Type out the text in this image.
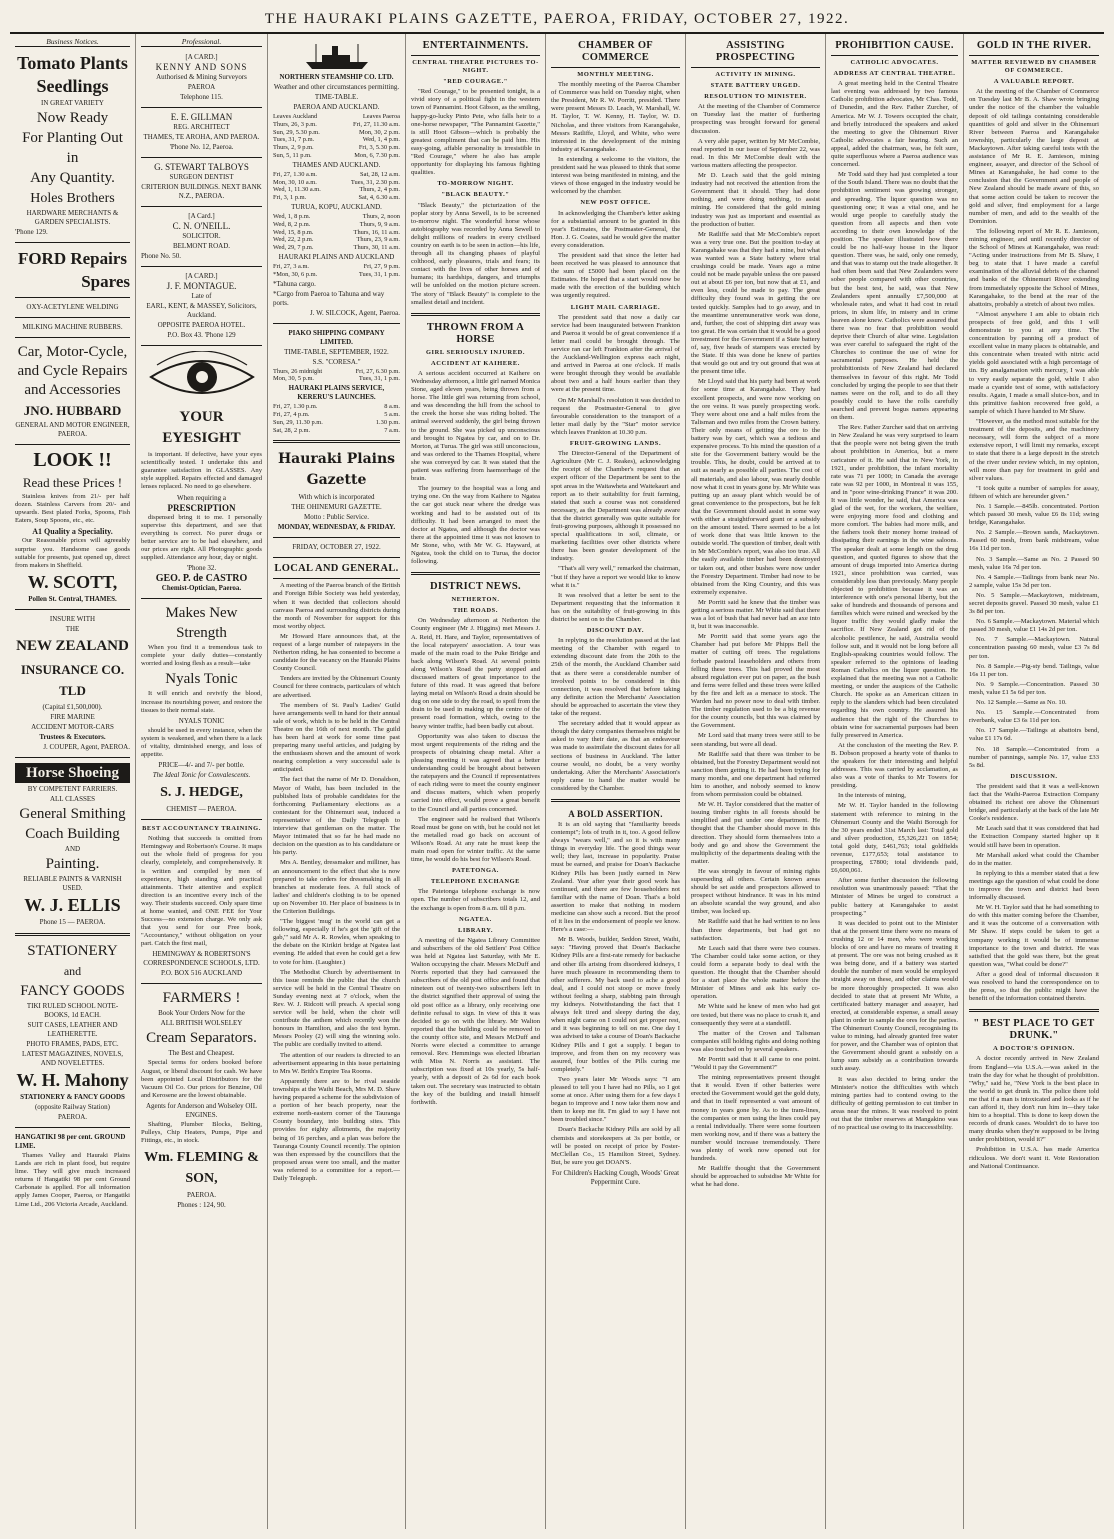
THE HAURAKI PLAINS GAZETTE, PAEROA, FRIDAY, OCTOBER 27, 1922.
Business Notices.
Tomato Plants
Seedlings
IN GREAT VARIETY
Now Ready
For Planting Out
in
Any Quantity.
Holes Brothers
HARDWARE MERCHANTS & GARDEN SPECIALISTS.
'Phone 129.
FORD Repairs
Spares
OXY-ACETYLENE WELDING
MILKING MACHINE RUBBERS.
Car, Motor-Cycle, and Cycle Repairs and Accessories
JNO. HUBBARD
GENERAL AND MOTOR ENGINEER, PAEROA.
LOOK !!
Read these Prices !
Stainless knives from 21/- per half dozen. Stainless Carvers from 20/- and upwards. Best plated Forks, Spoons, Fish Eaters, Soup Spoons, etc., etc.
A1 Quality a Speciality.
Our Reasonable prices will agreeably surprise you. Handsome case goods suitable for presents, just opened up, direct from makers in Sheffield.
W. SCOTT,
Pollen St. Central, THAMES.
INSURE WITH
THE
NEW ZEALAND
INSURANCE CO. TLD
(Capital £1,500,000).
FIRE MARINE
ACCIDENT MOTOR-CARS
Trustees & Executors.
J. COUPER, Agent, PAEROA.
Horse Shoeing
BY COMPETENT FARRIERS.
ALL CLASSES
General Smithing
Coach Building
AND
Painting.
RELIABLE PAINTS & VARNISH USED.
W. J. ELLIS
Phone 15 — PAEROA.
STATIONERY
and
FANCY GOODS
TIKI RULED SCHOOL NOTE-BOOKS, 1d EACH.
SUIT CASES, LEATHER AND LEATHERETTE.
PHOTO FRAMES, PADS, ETC.
LATEST MAGAZINES, NOVELS, AND NOVELETTES.
W. H. Mahony
STATIONERY & FANCY GOODS
(opposite Railway Station)
PAEROA.
HANGATIKI 98 per cent. GROUND LIME.
Thames Valley and Hauraki Plains Lands are rich in plant food, but require lime. They will give much increased returns if Hangatiki 98 per cent Ground Carbonate is applied. For all information apply James Cooper, Paeroa, or Hangatiki Lime Ltd., 206 Victoria Arcade, Auckland.
Professional.
[A CARD.]
KENNY AND SONS
Authorised & Mining Surveyors
PAEROA
Telephone 115.
E. E. GILLMAN
REG. ARCHITECT
THAMES, TE AROHA, AND PAEROA.
'Phone No. 12, Paeroa.
G. STEWART TALBOYS
SURGEON DENTIST
CRITERION BUILDINGS. NEXT BANK N.Z., PAEROA.
[A Card.]
C. N. O'NEILL.
SOLICITOR.
BELMONT ROAD.
Phone No. 50.
[A CARD.]
J. F. MONTAGUE.
Late of
EARL, KENT, & MASSEY, Solicitors, Auckland.
OPPOSITE PAEROA HOTEL.
P.O. Box 43. 'Phone 129
YOUR EYESIGHT
is important. If defective, have your eyes scientifically tested. I undertake this and guarantee satisfaction in GLASSES. Any style supplied. Repairs effected and damaged lenses replaced. No need to go elsewhere.
When requiring a
PRESCRIPTION
dispensed bring it to me. I personally supervise this department, and see that everything is correct. No purer drugs or better service are to be had elsewhere, and our prices are right. All Photographic goods supplied. Attendance any hour, day or night.
'Phone 32.
GEO. P. de CASTRO
Chemist-Optician, Paeroa.
Makes New
Strength
When you find it a tremendous task to complete your daily duties—constantly worried and losing flesh as a result—take
Nyals Tonic
It will enrich and revivify the blood, increase its nourishing power, and restore the tissues to their normal state.
NYALS TONIC
should be used in every instance, when the system is weakened, and when there is a lack of vitality, diminished energy, and loss of appetite.
PRICE—4/- and 7/- per bottle.
The Ideal Tonic for Convalescents.
S. J. HEDGE,
CHEMIST — PAEROA.
BEST ACCOUNTANCY TRAINING.
Nothing that succeeds is omitted from Hemingway and Robertson's Course. It maps out the whole field of progress for you clearly, completely, and comprehensively. It is written and compiled by men of experience, high standing and practical attainments. Their attentive and explicit direction is an incentive every inch of the way. Their students succeed. Only spare time at home wanted, and ONE FEE for Your Success—no extension charge. We only ask that you send for our Free book, "Accountancy," without obligation on your part. Catch the first mail,
HEMINGWAY & ROBERTSON'S CORRESPONDENCE SCHOOLS, LTD.
P.O. BOX 516 AUCKLAND
FARMERS !
Book Your Orders Now for the
ALL BRITISH WOLSELEY
Cream Separators.
The Best and Cheapest.
Special terms for orders booked before August, or liberal discount for cash. We have been appointed Local Distributors for the Vacuum Oil Co. Our prices for Benzine, Oil and Kerosene are the lowest obtainable.
Agents for Anderson and Wolseley OIL ENGINES.
Shafting, Plumber Blocks, Belting, Pulleys, Chip Heaters, Pumps, Pipe and Fittings, etc., in stock.
Wm. FLEMING & SON,
PAEROA.
Phones : 124, 90.
NORTHERN STEAMSHIP CO. LTD.
Weather and other circumstances permitting.
TIME-TABLE.
PAEROA AND AUCKLAND.
Leaves Auckland	Leaves Paeroa
Thurs, 26, 3 p.m.	Fri, 27, 11.30 a.m.
Sun, 29, 5.30 p.m.	Mon, 30, 2 p.m.
Tues, 31, 7 p.m.	Wed, 1, 4 p.m.
Thurs, 2, 9 p.m.	Fri, 3, 5.30 p.m.
Sun, 5, 11 p.m.	Mon, 6, 7.30 p.m.
THAMES AND AUCKLAND.
Fri, 27, 1.30 a.m.	Sat, 28, 12 a.m.
Mon, 30, 10 a.m.	Tues, 31, 2.30 p.m.
Wed, 1, 11.30 a.m.	Thurs, 2, 4 p.m.
Fri, 3, 1 p.m.	Sat, 4, 6.30 a.m.
TURUA, KOPU, AUCKLAND.
Wed, 1, 8 p.m.	Thurs, 2, noon
Wed, 8, 2 p.m.	Thurs, 9, 9 a.m.
Wed, 15, 8 p.m.	Thurs, 16, 11 a.m.
Wed, 22, 2 p.m.	Thurs, 23, 9 a.m.
Wed, 29, 7 p.m.	Thurs, 30, 11 a.m.
HAURAKI PLAINS AND AUCKLAND
Fri, 27, 3 a.m.	Fri, 27, 9 p.m.
*Mon, 30, 6 p.m.	Tues, 31, 1 p.m.
*Tahuna cargo.
*Cargo from Paeroa to Tahuna and way ports.
J. W. SILCOCK, Agent, Paeroa.
PIAKO SHIPPING COMPANY LIMITED.
TIME-TABLE, SEPTEMBER, 1922.
S.S. "CORESA."
Thurs, 26 midnight	Fri, 27, 6.30 p.m.
Mon, 30, 5 p.m.	Tues, 31, 1 p.m.
HAURAKI PLAINS SERVICE, KERERU'S LAUNCHES.
Fri, 27, 1.30 p.m.	8 a.m.
Fri, 27, 4 p.m.	5 a.m.
Sun, 29, 11.30 p.m.	1.30 p.m.
Sat, 28, 2 p.m.	7 a.m.
Hauraki Plains Gazette
With which is incorporated
THE OHINEMURI GAZETTE.
Motto : Public Service.
MONDAY, WEDNESDAY, & FRIDAY.
FRIDAY, OCTOBER 27, 1922.
LOCAL AND GENERAL.
A meeting of the Paeroa branch of the British and Foreign Bible Society was held yesterday, when it was decided that collectors should canvass Paeroa and surrounding districts during the month of November for support for this most worthy object.
Mr Howard Hare announces that, at the request of a large number of ratepayers in the Netherton riding, he has consented to become a candidate for the vacancy on the Hauraki Plains County Council.
Tenders are invited by the Ohinemuri County Council for three contracts, particulars of which are advertised.
The members of St. Paul's Ladies' Guild have arrangements well in hand for their annual sale of work, which is to be held in the Central Theatre on the 16th of next month. The guild has been hard at work for some time past preparing many useful articles, and judging by the enthusiasm shown and the amount of work nearing completion a very successful sale is anticipated.
The fact that the name of Mr D. Donaldson, Mayor of Waihi, has been included in the published lists of probable candidates for the forthcoming Parliamentary elections as a contestant for the Ohinemuri seat, induced a representative of the Daily Telegraph to interview that gentleman on the matter. The Mayor intimated that so far he had made no decision on the question as to his candidature or his party.
Mrs A. Bentley, dressmaker and milliner, has an announcement to the effect that she is now prepared to take orders for dressmaking in all branches at moderate fees. A full stock of ladies' and children's clothing is to be opened up on November 10. Her place of business is in the Criterion Buildings.
"The biggest 'mug' in the world can get a following, especially if he's got the 'gift of the gab,'" said Mr A. R. Rowles, when speaking to the debate on the Kirikiri bridge at Ngatea last evening. He added that even he could get a few to vote for him. (Laughter.)
The Methodist Church by advertisement in this issue reminds the public that the church service will be held in the Central Theatre on Sunday evening next at 7 o'clock, when the Rev. W. J. Ridcott will preach. A special song service will be held, when the choir will contribute the anthem which recently won the honours in Hamilton, and also the test hymn. Messrs Pooley (2) will sing the winning solo. The public are cordially invited to attend.
The attention of our readers is directed to an advertisement appearing in this issue pertaining to Mrs W. Brith's Empire Tea Rooms.
Apparently there are to be rival seaside townships at the Waihi Beach, Mrs M. D. Shaw having prepared a scheme for the subdivision of a portion of her beach property, near the extreme north-eastern corner of the Tauranga County boundary, into building sites. This provides for eighty allotments, the majority being of 16 perches, and a plan was before the Tauranga County Council recently. The opinion was then expressed by the councillors that the proposed areas were too small, and the matter was referred to a committee for a report.—Daily Telegraph.
ENTERTAINMENTS.
CENTRAL THEATRE PICTURES TO-NIGHT.
"RED COURAGE."
"Red Courage," to be presented tonight, is a vivid story of a political fight in the western town of Pannamint. Hoot Gibson, as the smiling, happy-go-lucky Pinto Pete, who falls heir to a one-horse newspaper, "The Pannamint Gazette," is still Hoot Gibson—which is probably the greatest compliment that can be paid him. His easy-going, affable personality is irresistible in "Red Courage," where he also has ample opportunity for displaying his famous fighting qualities.
TO-MORROW NIGHT.
"BLACK BEAUTY."
"Black Beauty," the picturization of the poplar story by Anna Sewell, is to be screened to-morrow night. The wonderful horse whose autobiography was recorded by Anna Sewell to delight millions of readers in every civilised country on earth is to be seen in action—his life, through all its changing phases of playful colthood, early pleasures, trials and fears; its contact with the lives of other horses and of humans; its hardships, dangers, and triumphs will be unfolded on the motion picture screen. The story of "Black Beauty" is complete to the smallest detail and incident.
THROWN FROM A HORSE
GIRL SERIOUSLY INJURED.
ACCIDENT AT KAIHERE.
A serious accident occurred at Kaihere on Wednesday afternoon, a little girl named Monica Stone, aged eleven years, being thrown from a horse. The little girl was returning from school, and was descending the hill from the school to the creek the horse she was riding bolted. The animal swerved suddenly, the girl being thrown to the ground. She was picked up unconscious and brought to Ngatea by car, and on to Dr. Morton, at Turua. The girl was still unconscious, and was ordered to the Thames Hospital, where she was conveyed by car. It was stated that the patient was suffering from haemorrhage of the brain.
The journey to the hospital was a long and trying one. On the way from Kaihere to Ngatea the car got stuck near where the dredge was working and had to be assisted out of its difficulty. It had been arranged to meet the doctor at Ngatea, and although the doctor was there at the appointed time it was not known to Mr Stone, who, with Mr W. G. Hayward, at Ngatea, took the child on to Turua, the doctor following.
DISTRICT NEWS.
NETHERTON.
THE ROADS.
On Wednesday afternoon at Netherton the County engineer (Mr J. Higgins) met Messrs J. A. Reid, H. Hare, and Taylor, representatives of the local ratepayers' association. A tour was made of the main road to the Puke Bridge and back along Wilson's Road. At several points along Wilson's Road the party stopped and discussed matters of great importance to the future of this road. It was agreed that before laying metal on Wilson's Road a drain should be dug on one side to dry the road, to spoil from the drain to be used in making up the centre of the present road formation, which, owing to the heavy winter traffic, had been badly cut about.
Opportunity was also taken to discuss the most urgent requirements of the riding and the prospects of obtaining cheap metal. After a pleasing meeting it was agreed that a better understanding could be brought about between the ratepayers and the Council if representatives of each riding were to meet the county engineer and discuss matters, which when properly carried into effect, would prove a great benefit to the Council and all parties concerned.
The engineer said he realised that Wilson's Road must be gone on with, but he could not let the metalled road go back on account of Wilson's Road. At any rate he must keep the main road open for winter traffic. At the same time, he would do his best for Wilson's Road.
PATETONGA.
TELEPHONE EXCHANGE
The Patetonga telephone exchange is now open. The number of subscribers totals 12, and the exchange is open from 8 a.m. till 8 p.m.
NGATEA.
LIBRARY.
A meeting of the Ngatea Library Committee and subscribers of the old Settlers' Post Office was held at Ngatea last Saturday, with Mr E. Walton occupying the chair. Messrs McDuff and Norris reported that they had canvassed the subscribers of the old post office and found that nineteen out of twenty-two subscribers left in the district signified their approval of using the old post office as a library, only receiving one definite refusal to sign. In view of this it was decided to go on with the library. Mr Walton reported that the building could be removed to the county office site, and Messrs McDuff and Norris were elected a committee to arrange removal. Rev. Hemmings was elected librarian with Miss N. Norris as assistant. The subscription was fixed at 10s yearly, 5s half-yearly, with a deposit of 2s 6d for each book taken out. The secretary was instructed to obtain the key of the building and install himself forthwith.
CHAMBER OF COMMERCE
MONTHLY MEETING.
The monthly meeting of the Paeroa Chamber of Commerce was held on Tuesday night, when the President, Mr R. W. Porritt, presided. There were present Messrs D. Leach, W. Marshall, W. H. Taylor, T. W. Kenny, H. Taylor, W. D. Nicholas, and three visitors from Karangahake, Messrs Ratliffe, Lloyd, and White, who were interested in the development of the mining industry at Karangahake.
In extending a welcome to the visitors, the president said he was pleased to think that some interest was being manifested in mining, and the views of those engaged in the industry would be welcomed by the chamber.
NEW POST OFFICE.
In acknowledging the Chamber's letter asking for a substantial amount to be granted in this year's Estimates, the Postmaster-General, the Hon. J. G. Coates, said he would give the matter every consideration.
The president said that since the letter had been received he was pleased to announce that the sum of £5000 had been placed on the Estimates. He hoped that a start would now be made with the erection of the building which was urgently required.
LIGHT MAIL CARRIAGE.
The president said that now a daily car service had been inaugurated between Frankton and Paeroa it would be of great convenience if a letter mail could be brought through. The service ran car left Frankton after the arrival of the Auckland-Wellington express each night, and arrived in Paeroa at one o'clock. If mails were brought through they would be available about two and a half hours earlier than they were at the present time.
On Mr Marshall's resolution it was decided to request the Postmaster-General to give favourable consideration to the transport of a letter mail daily by the "Star" motor service which leaves Frankton at 10.30 p.m.
FRUIT-GROWING LANDS.
The Director-General of the Department of Agriculture (Mr C. J. Reakes), acknowledging the receipt of the Chamber's request that an expert officer of the Department be sent to the spot areas in the Waitawheta and Waitekauri and report as to their suitability for fruit farming, stated that such a course was not considered necessary, as the Department was already aware that the district generally was quite suitable for fruit-growing purposes, although it possessed no special qualifications in soil, climate, or marketing facilities over other districts where there has been greater development of the industry.
"That's all very well," remarked the chairman, "but if they have a report we would like to know what it is."
It was resolved that a letter be sent to the Department requesting that the information it has on the suitability of fruit-growing in this district be sent on to the Chamber.
DISCOUNT DAY.
In replying to the resolution passed at the last meeting of the Chamber with regard to extending discount date from the 20th to the 25th of the month, the Auckland Chamber said that as there were a considerable number of involved points to be considered in this connection, it was resolved that before taking any definite action the Merchants' Association should be approached to ascertain the view they take of the request.
The secretary added that it would appear as though the dairy companies themselves might be asked to vary their date, as that an endeavour was made to assimilate the discount dates for all sections of business in Auckland. The latter course would, no doubt, be a very worthy undertaking. After the Merchants' Association's reply came to hand the matter would be considered by the Chamber.
A BOLD ASSERTION.
It is an old saying that "familiarity breeds contempt"; lots of truth in it, too. A good fellow always "wears well," and so it is with many things in everyday life. The good things wear well; they last, increase in popularity. Praise must be earned, and praise for Doan's Backache Kidney Pills has been justly earned in New Zealand. Year after year their good work has continued, and there are few householders not familiar with the name of Doan. That's a bold assertion to make that nothing in modern medicine can show such a record. But the proof of it lies in the endorsement of people we know. Here's a case:—
Mr B. Woods, builder, Seddon Street, Waihi, says: "Having proved that Doan's Backache Kidney Pills are a first-rate remedy for backache and other ills arising from disordered kidneys, I have much pleasure in recommending them to other sufferers. My back used to ache a good deal, and I could not stoop or move freely without feeling a sharp, stabbing pain through my kidneys. Notwithstanding the fact that I always felt tired and sleepy during the day, when night came on I could not get proper rest, and it was beginning to tell on me. One day I was advised to take a course of Doan's Backache Kidney Pills and I got a supply. I began to improve, and from then on my recovery was assured, four bottles of the Pills curing me completely."
Two years later Mr Woods says: "I am pleased to tell you I have had no Pills, so I got some at once. After using them for a few days I began to improve and I now take them now and then to keep me fit. I'm glad to say I have not been troubled since."
Doan's Backache Kidney Pills are sold by all chemists and storekeepers at 3s per bottle, or will be posted on receipt of price by Foster-McClellan Co., 15 Hamilton Street, Sydney. But, be sure you get DOAN'S.
For Children's Hacking Cough, Woods' Great Peppermint Cure.
ASSISTING PROSPECTING
ACTIVITY IN MINING.
STATE BATTERY URGED.
RESOLUTION TO MINISTER.
At the meeting of the Chamber of Commerce on Tuesday last the matter of furthering prospecting was brought forward for general discussion.
A very able paper, written by Mr McCombie, read reported in our issue of September 22, was read. In this Mr McCombie dealt with the various matters affecting the prospector.
Mr D. Leach said that the gold mining industry had not received the attention from the Government that it should. They had done nothing, and were doing nothing, to assist mining. He considered that the gold mining industry was just as important and essential as the production of butter.
Mr Ratliffe said that Mr McCombie's report was a very true one. But the position to-day at Karangahake was that they had a mine, but what was wanted was a State battery where trial crushings could be made. Years ago a mine could not be made payable unless the ore passed out at about £6 per ton, but now that at £1, and even less, could be made to pay. The great difficulty they found was in getting the ore tested quickly. Samples had to go away, and in the meantime unremunerative work was done, and, further, the cost of shipping dirt away was too great. He was certain that it would be a good investment for the Government if a State battery of, say, five heads of stampers was erected by the State. If this was done he knew of parties that would go out and try out ground that was at the present time idle.
Mr Lloyd said that his party had been at work for some time at Karangahake. They had excellent prospects, and were now working on the ore veins. It was purely prospecting work. They were about one and a half miles from the Talisman and two miles from the Crown battery. Their only means of getting the ore to the battery was by cart, which was a tedious and expensive process. To his mind the question of a site for the Government battery would be the trouble. This, he doubt, could be arrived at to suit as nearly as possible all parties. The cost of all materials, and also labour, was nearly double now what it cost in years gone by. Mr White was putting up an assay plant which would be of great convenience to the prospectors, but he felt that the Government should assist in some way with either a straightforward grant or a subsidy on the amount tested. There seemed to be a lot of work done that was little known to the outside world. The question of timber, dealt with in Mr McCombie's report, was also too true. All the easily available timber had been destroyed or taken out, and other bushes were now under the Forestry Department. Timber had now to be obtained from the King Country, and this was extremely expensive.
Mr Porritt said he knew that the timber was getting a serious matter. Mr White said that there was a lot of bush that had never had an axe into it, but it was inaccessible.
Mr Porritt said that some years ago the Chamber had put before Mr Phipps Bell the matter of cutting off trees. The regulations forbade pastoral leaseholders and others from felling these trees. This had proved the most absurd regulation ever put on paper, as the bush and ferns were felled and these trees were killed by the fire and left as a menace to stock. The Warden had no power now to deal with timber. The timber regulation used to be a big revenue for the county councils, but this was claimed by the Government.
Mr Lord said that many trees were still to be seen standing, but were all dead.
Mr Ratliffe said that there was timber to be obtained, but the Forestry Department would not sanction them getting it. He had been trying for many months, and one department had referred him to another, and nobody seemed to know from whom permission could be obtained.
Mr W. H. Taylor considered that the matter of issuing timber rights in all forests should be simplified and put under one department. He thought that the Chamber should move in this direction. They should form themselves into a body and go and show the Government the multiplicity of the departments dealing with the matter.
He was strongly in favour of mining rights superseding all others. Certain known areas should be set aside and prospectors allowed to prospect without hindrance. It was in his mind an absolute scandal the way ground, and also timber, was locked up.
Mr Ratliffe said that he had written to no less than three departments, but had got no satisfaction.
Mr Leach said that there were two courses. The Chamber could take some action, or they could form a separate body to deal with the question. He thought that the Chamber should for a start place the whole matter before the Minister of Mines and ask his early co-operation.
Mr White said he knew of men who had got ore tested, but there was no place to crush it, and consequently they were at a standstill.
The matter of the Crown and Talisman companies still holding rights and doing nothing was also touched on by several speakers.
Mr Porritt said that it all came to one point. "Would it pay the Government?"
The mining representatives present thought that it would. Even if other batteries were erected the Government would get the gold duty, and that in itself represented a vast amount of money in years gone by. As to the tram-lines, the companies or men using the lines could pay a rental individually. There were some fourteen men working now, and if there was a battery the number would increase tremendously. There was plenty of work now opened out for hundreds.
Mr Ratliffe thought that the Government should be approached to subsidise Mr White for what he had done.
PROHIBITION CAUSE.
CATHOLIC ADVOCATES.
ADDRESS AT CENTRAL THEATRE.
A great meeting held in the Central Theatre last evening was addressed by two famous Catholic prohibition advocates, Mr Chas. Todd, of Dunedin, and the Rev. Father Zurcher, of America. Mr W. J. Towers occupied the chair, and briefly introduced the speakers and asked the meeting to give the Ohinemuri River Catholic advocates a fair hearing. Such an appeal, added the chairman, was, he felt sure, quite superfluous where a Paeroa audience was concerned.
Mr Todd said they had just completed a tour of the South Island. There was no doubt that the prohibition sentiment was growing stronger, and spreading. The liquor question was no questioning one; it was a vital one, and he would urge people to carefully study the question from all aspects and then vote according to their own knowledge of the position. The speaker illustrated how there could be no half-way house in the liquor question. There was, he said, only one remedy, and that was to stamp out the trade altogether. It had often been said that New Zealanders were sober people compared with other countries, but the best test, he said, was that New Zealanders spent annually £7,500,000 at wholesale rates, and what it had cost in retail prices, in slum life, in misery and in crime heaven alone knew. Catholics were assured that there was no fear that prohibition would deprive their Church of altar wine. Legislation was ever careful to safeguard the right of the Churches to continue the use of wine for sacramental purposes. He held the prohibitionists of New Zealand had declared themselves in favour of this right. Mr Todd concluded by urging the people to see that their names were on the roll, and to do all they possibly could to have the rolls carefully searched and prevent bogus names appearing on them.
The Rev. Father Zurcher said that on arriving in New Zealand he was very surprised to learn that the people were not being given the truth about prohibition in America, but a mere caricature of it. He said that in New York, in 1921, under prohibition, the infant mortality rate was 71 per 1000; in Canada the average rate was 92 per 1000, in Montreal it was 155, and in "poor wine-drinking France" it was 200. It was little wonder, he said, that America was glad of the wet, for the workers, the welfare, were enjoying more food and clothing and more comfort. The babies had more milk, and the fathers took their money home instead of dissipating their earnings in the wine saloons. The speaker dealt at some length on the drug question, and quoted figures to show that the amount of drugs imported into America during 1921, since prohibition was carried, was considerably less than previously. Many people objected to prohibition because it was an interference with one's personal liberty, but the sake of hundreds and thousands of persons and families which were ruined and wrecked by the liquor traffic they would gladly make the sacrifice. If New Zealand got rid of the alcoholic pestilence, he said, Australia would follow suit, and it would not be long before all English-speaking countries would follow. The speaker referred to the opinions of leading Roman Catholics on the liquor question. He explained that the meeting was not a Catholic meeting, or under the auspices of the Catholic Church. He spoke as an American citizen in reply to the slanders which had been circulated regarding his own country. He assured his audience that the right of the Churches to obtain wine for sacramental purposes had been fully preserved in America.
At the conclusion of the meeting the Rev. P. B. Dobson proposed a hearty vote of thanks to the speakers for their interesting and helpful addresses. This was carried by acclamation, as also was a vote of thanks to Mr Towers for presiding.
In the interests of mining,
Mr W. H. Taylor handed in the following statement with reference to mining in the Ohinemuri County and the Waihi Borough for the 30 years ended 31st March last: Total gold and silver production, £5,326,221 on 1854; total gold duty, £461,763; total goldfields revenue, £177,653; total assistance to prospecting, £7800; total dividends paid, £6,600,061.
After some further discussion the following resolution was unanimously passed: "That the Minister of Mines be urged to construct a public battery at Karangahake to assist prospecting."
It was decided to point out to the Minister that at the present time there were no means of crushing 12 or 14 men, who were working blocks of ore and have no means of treating it at present. The ore was not being crushed as it was being done, and if a battery was started double the number of men would be employed straight away on these, and other claims would be more thoroughly prospected. It was also decided to state that at present Mr White, a certificated battery manager and assayer, had erected, at considerable expense, a small assay plant in order to sample the ores for the parties. The Ohinemuri County Council, recognising its value to mining, had already granted free water for power, and the Chamber was of opinion that the Government should grant a subsidy on a lump sum subsidy as a contribution towards such assay.
It was also decided to bring under the Minister's notice the difficulties with which mining parties had to contend owing to the difficulty of getting permission to cut timber in areas near the mines. It was resolved to point out that the timber reserves at Mangakino was of no practical use owing to its inaccessibility.
GOLD IN THE RIVER.
MATTER REVIEWED BY CHAMBER OF COMMERCE.
A VALUABLE REPORT.
At the meeting of the Chamber of Commerce on Tuesday last Mr B. A. Shaw wrote bringing under the notice of the chamber the valuable deposit of old tailings containing considerable quantities of gold and silver in the Ohinemuri River between Paeroa and Karangahake township, particularly the large deposit at Mackaytown. After taking careful tests with the assistance of Mr R. E. Jamieson, mining engineer, assayer, and director of the School of Mines at Karangahake, he had come to the conclusion that the Government and people of New Zealand should be made aware of this, so that some action could be taken to recover the gold and silver, find employment for a large number of men, and add to the wealth of the Dominion.
The following report of Mr R. E. Jamieson, mining engineer, and until recently director of the School of Mines at Karangahake, was read: "Acting under instructions from Mr B. Shaw, I beg to state that I have made a careful examination of the alluvial debris of the channel and banks of the Ohinemuri River extending from immediately opposite the School of Mines, Karangahake, to the bend at the rear of the abattoirs, probably a stretch of about two miles.
"Almost anywhere I am able to obtain rich prospects of free gold, and this I will demonstrate to you at any time. The concentration by panning off a product of excellent value in many places is obtainable, and this concentrate when treated with nitric acid yields gold associated with a high percentage of tin. By amalgamation with mercury, I was able to very easily separate the gold, while I also made a cyanide test of some, with satisfactory results. Again, I made a small sluice-box, and in this primitive fashion recovered free gold, a sample of which I have handed to Mr Shaw.
"However, as the method most suitable for the treatment of the deposits, and the machinery necessary, will form the subject of a more extensive report, I will limit my remarks, except to state that there is a large deposit in the stretch of the river under review which, in my opinion, will more than pay for treatment in gold and silver values.
"I took quite a number of samples for assay, fifteen of which are hereunder given."
No. 1 Sample.—845lb. concentrated. Portion which passed 30 mesh, value £6 8s 11d; swing bridge, Karangahake.
No. 2 Sample.—Brown sands, Mackaytown. Passed 60 mesh, from bank midstream, value 16s 11d per ton.
No. 3 Sample.—Same as No. 2 Passed 90 mesh, value 16s 7d per ton.
No. 4 Sample.—Tailings from bank near No. 2 sample, value 15s 3d per ton.
No. 5 Sample.—Mackaytown, midstream, secret deposits gravel. Passed 30 mesh, value £1 3s 8d per ton.
No. 6 Sample.—Mackaytown. Material which passed 30 mesh, value £1 14s 2d per ton.
No. 7 Sample.—Mackaytown. Natural concentration passing 60 mesh, value £3 7s 8d per ton.
No. 8 Sample.—Pig-sty bend. Tailings, value 16s 11 per ton.
No. 9 Sample.—Concentration. Passed 30 mesh, value £1 5s 6d per ton.
No. 12 Sample.—Same as No. 10.
No. 15 Sample.—Concentrated from riverbank, value £3 6s 11d per ton.
No. 17 Sample.—Tailings at abattoirs bend, value £1 17s 6d.
No. 18 Sample.—Concentrated from a number of pannings, sample No. 17, value £33 5s 8d.
DISCUSSION.
The president said that it was a well-known fact that the Waihi-Paeroa Extraction Company obtained its richest ore above the Ohinemuri bridge, and particularly at the back of the late Mr Cooke's residence.
Mr Leach said that it was considered that had the Extraction Company started higher up it would still have been in operation.
Mr Marshall asked what could the Chamber do in the matter.
In replying to this a member stated that a few meetings ago the question of what could be done to improve the town and district had been informally discussed.
Mr W. H. Taylor said that he had something to do with this matter coming before the Chamber, and it was the outcome of a conversation with Mr Shaw. If steps could be taken to get a company working it would be of immense importance to the town and district. He was satisfied that the gold was there, but the great question was, "What could be done?"
After a good deal of informal discussion it was resolved to hand the correspondence on to the press, so that the public might have the benefit of the information contained therein.
" BEST PLACE TO GET DRUNK."
A DOCTOR'S OPINION.
A doctor recently arrived in New Zealand from England—via U.S.A.—was asked in the train the day for what he thought of prohibition. "Why," said he, "New York is the best place in the world to get drunk in. The police there told me that if a man is intoxicated and looks as if he can afford it, they don't run him in—they take him to a hospital. This is done to keep down the records of drunk cases. Wouldn't do to have too many drunks when they're supposed to be living under prohibition, would it?"
Prohibition in U.S.A. has made America ridiculous. We don't want it. Vote Restoration and National Continuance.
